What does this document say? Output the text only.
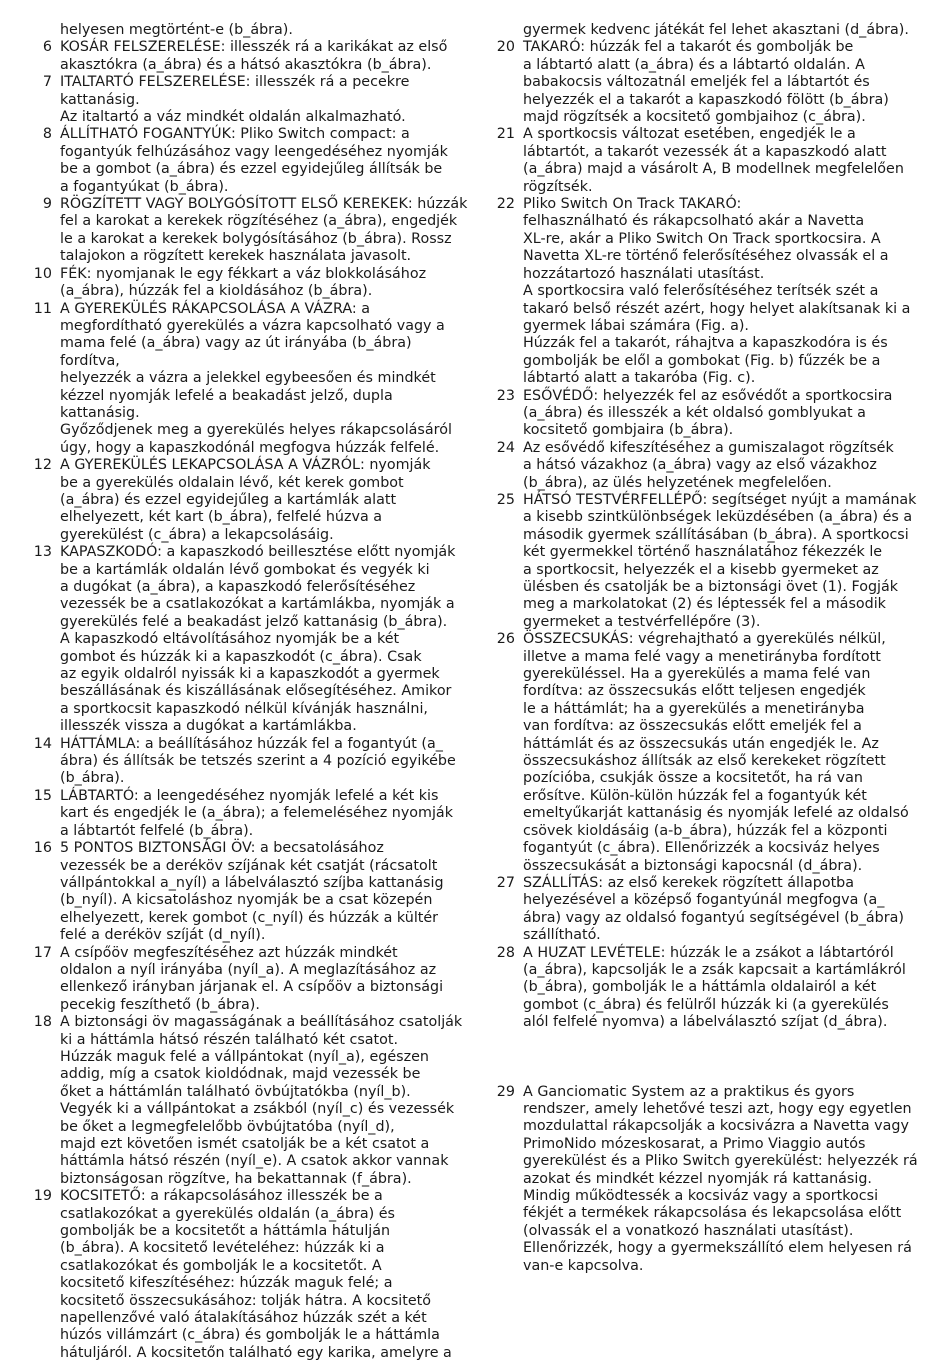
helyesen megtörtént-e (b_ábra).
6 KOSÁR FELSZERELÉSE: illesszék rá a karikákat az első
akasztókra (a_ábra) és a hátsó akasztókra (b_ábra).
7 ITALTARTÓ FELSZERELÉSE: illesszék rá a pecekre kattanásig.
Az italtartó a váz mindkét oldalán alkalmazható.
8 ÁLLÍTHATÓ FOGANTYÚK: Pliko Switch compact: a
fogantyúk felhúzásához vagy leengedéséhez nyomják
be a gombot (a_ábra) és ezzel egyidejűleg állítsák be
a fogantyúkat (b_ábra).
9 RÖGZÍTETT VAGY BOLYGÓSÍTOTT ELSŐ KEREKEK: húzzák
fel a karokat a kerekek rögzítéséhez (a_ábra), engedjék
le a karokat a kerekek bolygósításához (b_ábra). Rossz
talajokon a rögzített kerekek használata javasolt.
10 FÉK: nyomjanak le egy fékkart a váz blokkolásához
(a_ábra), húzzák fel a kioldásához (b_ábra).
11 A GYEREKÜLÉS RÁKAPCSOLÁSA A VÁZRA: a
megfordítható gyerekülés a vázra kapcsolható vagy a
mama felé (a_ábra) vagy az út irányába (b_ábra) fordítva,
helyezzék a vázra a jelekkel egybeesően és mindkét
kézzel nyomják lefelé a beakadást jelző, dupla kattanásig.
Győződjenek meg a gyerekülés helyes rákapcsolásáról
úgy, hogy a kapaszkodónál megfogva húzzák felfelé.
12 A GYEREKÜLÉS LEKAPCSOLÁSA A VÁZRÓL: nyomják
be a gyerekülés oldalain lévő, két kerek gombot
(a_ábra) és ezzel egyidejűleg a kartámlák alatt
elhelyezett, két kart (b_ábra), felfelé húzva a
gyerekülést (c_ábra) a lekapcsolásáig.
13 KAPASZKODÓ: a kapaszkodó beillesztése előtt nyomják
be a kartámlák oldalán lévő gombokat és vegyék ki
a dugókat (a_ábra), a kapaszkodó felerősítéséhez
vezessék be a csatlakozókat a kartámlákba, nyomják a
gyerekülés felé a beakadást jelző kattanásig (b_ábra).
A kapaszkodó eltávolításához nyomják be a két
gombot és húzzák ki a kapaszkodót (c_ábra). Csak
az egyik oldalról nyissák ki a kapaszkodót a gyermek
beszállásának és kiszállásának elősegítéséhez. Amikor
a sportkocsit kapaszkodó nélkül kívánják használni,
illesszék vissza a dugókat a kartámlákba.
14 HÁTTÁMLA: a beállításához húzzák fel a fogantyút (a_
ábra) és állítsák be tetszés szerint a 4 pozíció egyikébe
(b_ábra).
15 LÁBTARTÓ: a leengedéséhez nyomják lefelé a két kis
kart és engedjék le (a_ábra); a felemeléséhez nyomják
a lábtartót felfelé (b_ábra).
16 5 PONTOS BIZTONSÁGI ÖV: a becsatolásához
vezessék be a deréköv szíjának két csatját (rácsatolt
vállpántokkal a_nyíl) a lábelválasztó szíjba kattanásig
(b_nyíl). A kicsatoláshoz nyomják be a csat közepén
elhelyezett, kerek gombot (c_nyíl) és húzzák a kültér
felé a deréköv szíját (d_nyíl).
17 A csípőöv megfeszítéséhez azt húzzák mindkét
oldalon a nyíl irányába (nyíl_a). A meglazításához az
ellenkező irányban járjanak el. A csípőöv a biztonsági
pecekig feszíthető (b_ábra).
18 A biztonsági öv magasságának a beállításához csatolják
ki a háttámla hátsó részén található két csatot.
Húzzák maguk felé a vállpántokat (nyíl_a), egészen
addig, míg a csatok kioldódnak, majd vezessék be
őket a háttámlán található övbújtatókba (nyíl_b).
Vegyék ki a vállpántokat a zsákból (nyíl_c) és vezessék
be őket a legmegfelelőbb övbújtatóba (nyíl_d),
majd ezt követően ismét csatolják be a két csatot a
háttámla hátsó részén (nyíl_e). A csatok akkor vannak
biztonságosan rögzítve, ha bekattannak (f_ábra).
19 KOCSITETŐ: a rákapcsolásához illesszék be a
csatlakozókat a gyerekülés oldalán (a_ábra) és
gombolják be a kocsitetőt a háttámla hátulján
(b_ábra). A kocsitető levételéhez: húzzák ki a
csatlakozókat és gombolják le a kocsitetőt. A
kocsitető kifeszítéséhez: húzzák maguk felé; a
kocsitető összecsukásához: tolják hátra. A kocsitető
napellenzővé való átalakításához húzzák szét a két
húzós villámzárt (c_ábra) és gombolják le a háttámla
hátuljáról. A kocsitetőn található egy karika, amelyre a
gyermek kedvenc játékát fel lehet akasztani (d_ábra).
20 TAKARÓ: húzzák fel a takarót és gombolják be
a lábtartó alatt (a_ábra) és a lábtartó oldalán. A
babakocsis változatnál emeljék fel a lábtartót és
helyezzék el a takarót a kapaszkodó fölött (b_ábra)
majd rögzítsék a kocsitető gombjaihoz (c_ábra).
21 A sportkocsis változat esetében, engedjék le a
lábtartót, a takarót vezessék át a kapaszkodó alatt
(a_ábra) majd a vásárolt A, B modellnek megfelelően
rögzítsék.
22 Pliko Switch On Track TAKARÓ:
felhasználható és rákapcsolható akár a Navetta
XL-re, akár a Pliko Switch On Track sportkocsira. A
Navetta XL-re történő felerősítéséhez olvassák el a
hozzátartozó használati utasítást.
A sportkocsira való felerősítéséhez terítsék szét a
takaró belső részét azért, hogy helyet alakítsanak ki a
gyermek lábai számára (Fig. a).
Húzzák fel a takarót, ráhajtva a kapaszkodóra is és
gombolják be elől a gombokat (Fig. b) fűzzék be a
lábtartó alatt a takaróba (Fig. c).
23 ESŐVÉDŐ: helyezzék fel az esővédőt a sportkocsira
(a_ábra) és illesszék a két oldalsó gomblyukat a
kocsitető gombjaira (b_ábra).
24 Az esővédő kifeszítéséhez a gumiszalagot rögzítsék
a hátsó vázakhoz (a_ábra) vagy az első vázakhoz
(b_ábra), az ülés helyzetének megfelelően.
25 HÁTSÓ TESTVÉRFELLÉPŐ: segítséget nyújt a mamának
a kisebb szintkülönbségek leküzdésében (a_ábra) és a
második gyermek szállításában (b_ábra). A sportkocsi
két gyermekkel történő használatához fékezzék le
a sportkocsit, helyezzék el a kisebb gyermeket az
ülésben és csatolják be a biztonsági övet (1). Fogják
meg a markolatokat (2) és léptessék fel a második
gyermeket a testvérfellépőre (3).
26 ÖSSZECSUKÁS: végrehajtható a gyerekülés nélkül,
illetve a mama felé vagy a menetirányba fordított
gyereküléssel. Ha a gyerekülés a mama felé van
fordítva: az összecsukás előtt teljesen engedjék
le a háttámlát; ha a gyerekülés a menetirányba
van fordítva: az összecsukás előtt emeljék fel a
háttámlát és az összecsukás után engedjék le. Az
összecsukáshoz állítsák az első kerekeket rögzített
pozícióba, csukják össze a kocsitetőt, ha rá van
erősítve. Külön-külön húzzák fel a fogantyúk két
emeltyűkarját kattanásig és nyomják lefelé az oldalsó
csövek kioldásáig (a-b_ábra), húzzák fel a központi
fogantyút (c_ábra). Ellenőrizzék a kocsiváz helyes
összecsukását a biztonsági kapocsnál (d_ábra).
27 SZÁLLÍTÁS: az első kerekek rögzített állapotba
helyezésével a középső fogantyúnál megfogva (a_
ábra) vagy az oldalsó fogantyú segítségével (b_ábra)
szállítható.
28 A HUZAT LEVÉTELE: húzzák le a zsákot a lábtartóról
(a_ábra), kapcsolják le a zsák kapcsait a kartámlákról
(b_ábra), gombolják le a háttámla oldalairól a két
gombot (c_ábra) és felülről húzzák ki (a gyerekülés
alól felfelé nyomva) a lábelválasztó szíjat (d_ábra).
29 A Ganciomatic System az a praktikus és gyors
rendszer, amely lehetővé teszi azt, hogy egy egyetlen
mozdulattal rákapcsolják a kocsivázra a Navetta vagy
PrimoNido mózeskosarat, a Primo Viaggio autós
gyerekülést és a Pliko Switch gyerekülést: helyezzék rá
azokat és mindkét kézzel nyomják rá kattanásig.
Mindig működtessék a kocsiváz vagy a sportkocsi
fékjét a termékek rákapcsolása és lekapcsolása előtt
(olvassák el a vonatkozó használati utasítást).
Ellenőrizzék, hogy a gyermekszállító elem helyesen rá
van-e kapcsolva.
